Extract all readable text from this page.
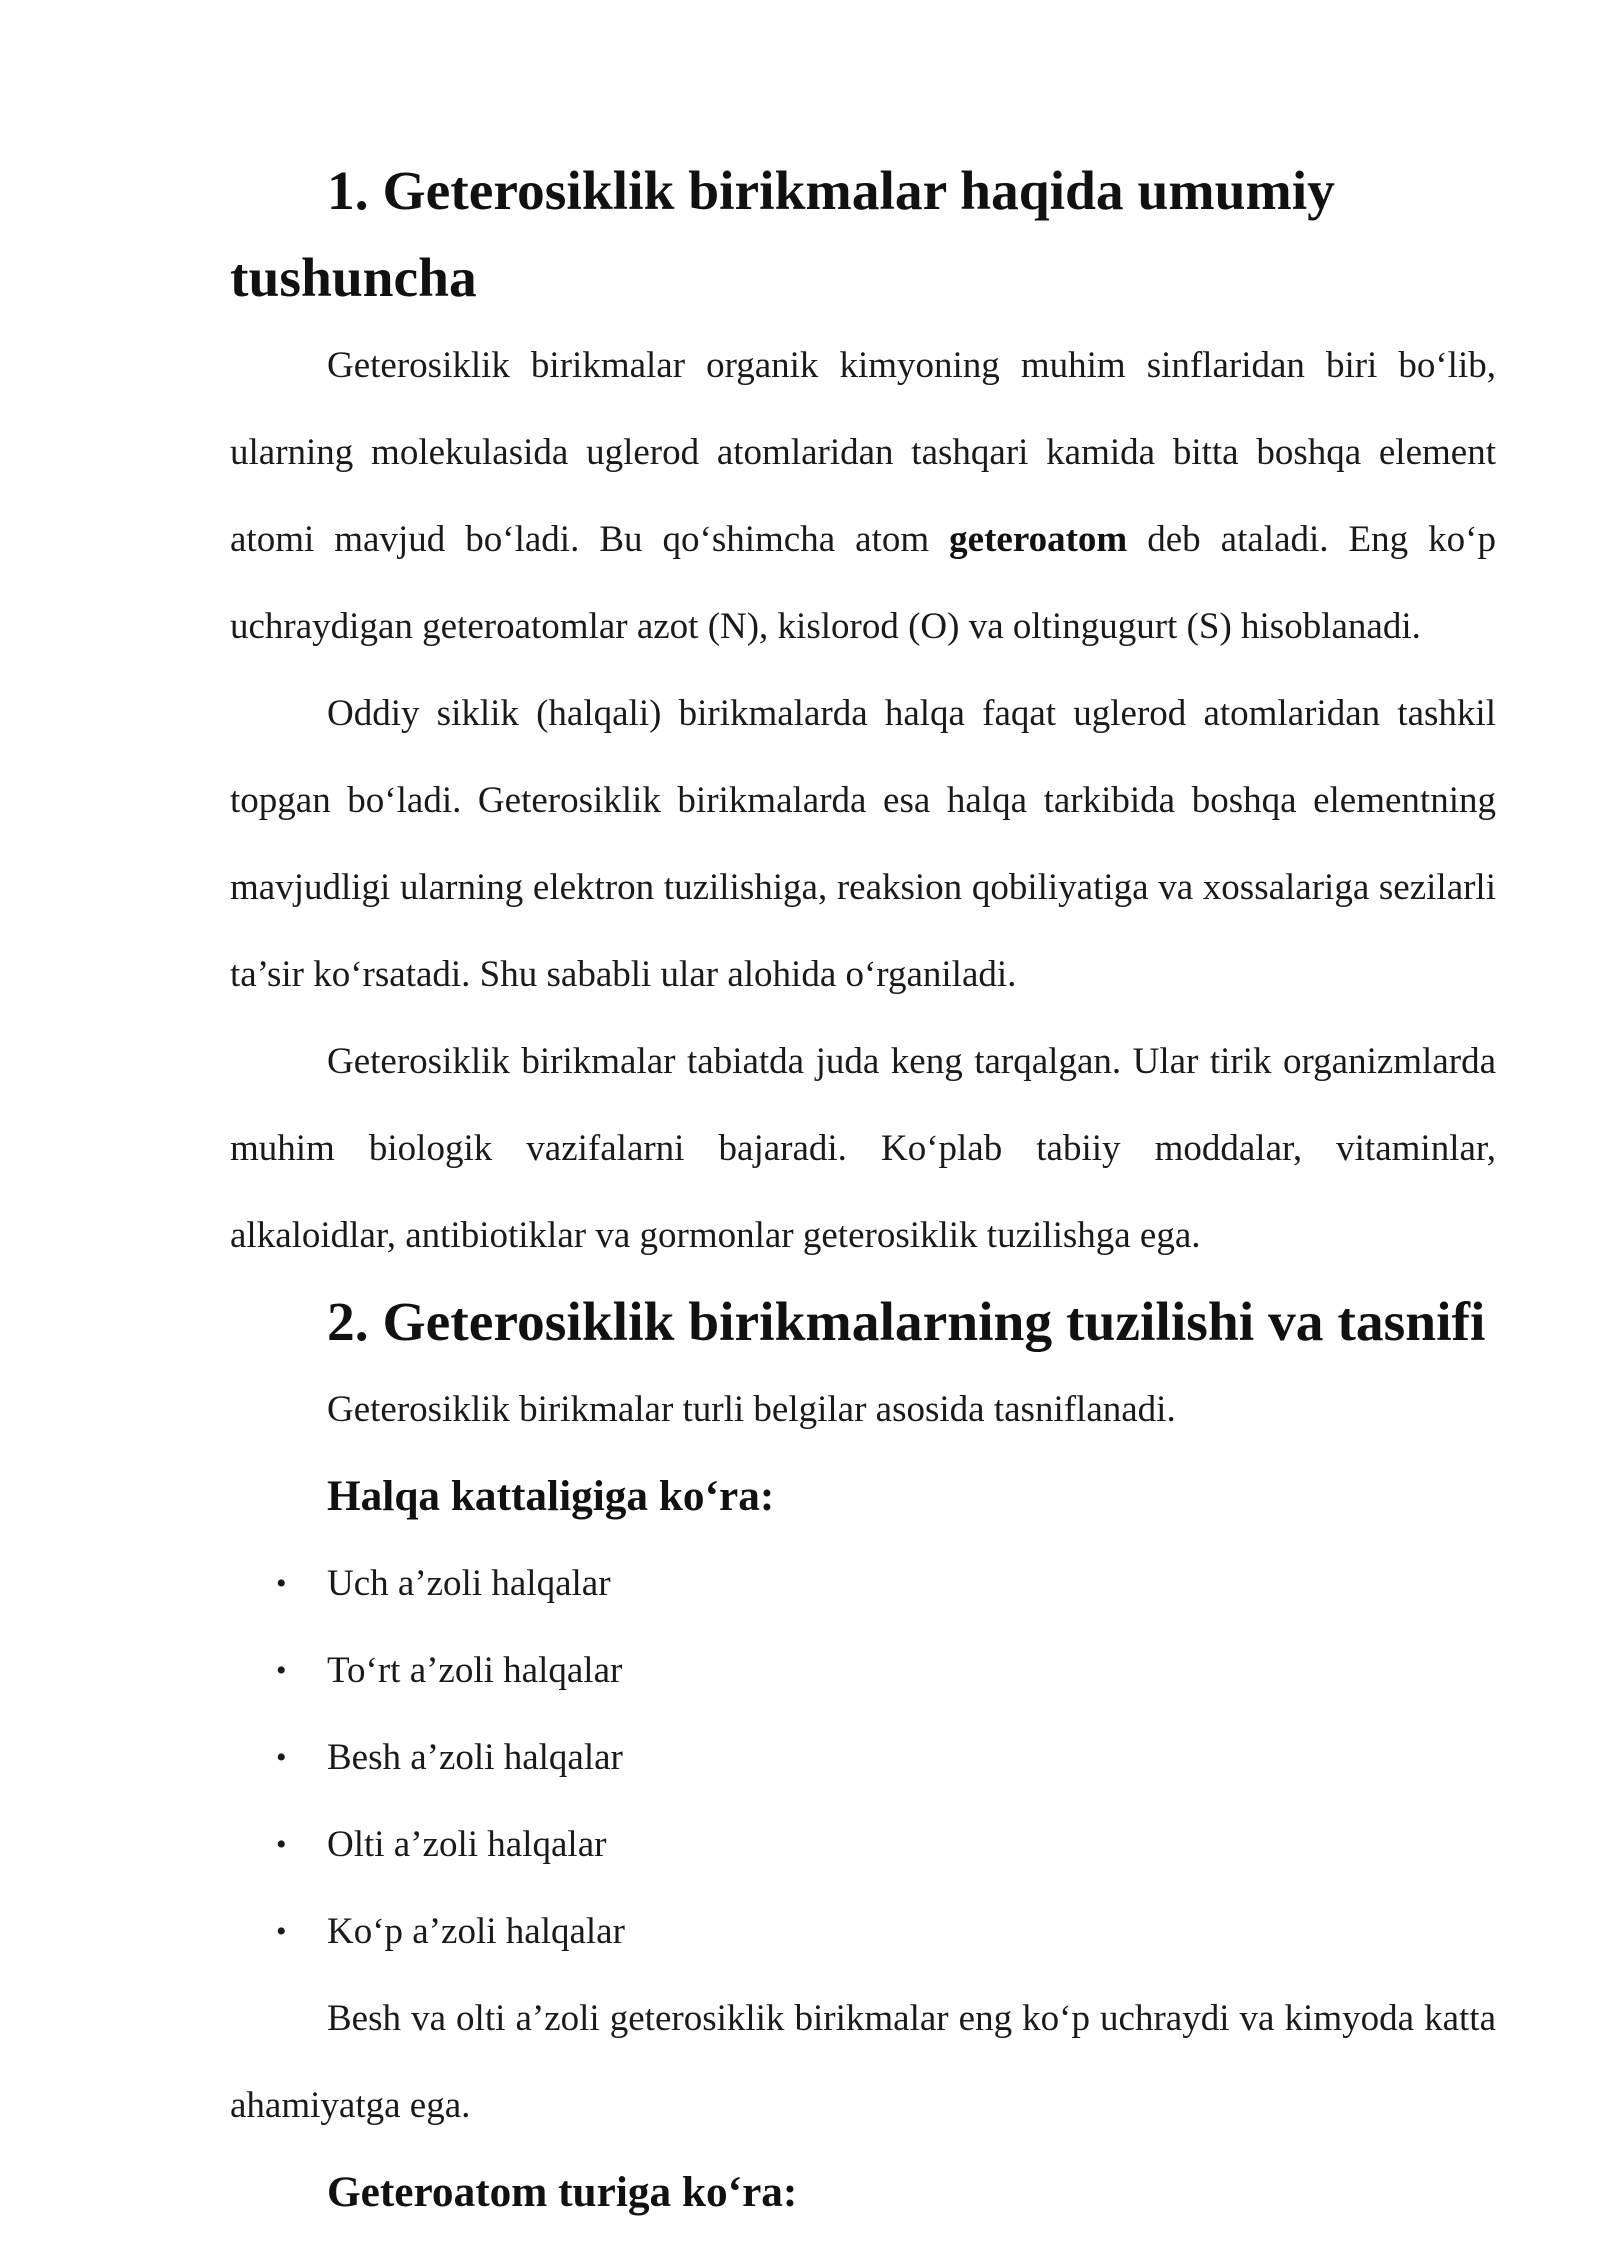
1. Geterosiklik birikmalar haqida umumiy tushuncha

Geterosiklik birikmalar organik kimyoning muhim sinflaridan biri bo‘lib, ularning molekulasida uglerod atomlaridan tashqari kamida bitta boshqa element atomi mavjud bo‘ladi. Bu qo‘shimcha atom geteroatom deb ataladi. Eng ko‘p uchraydigan geteroatomlar azot (N), kislorod (O) va oltingugurt (S) hisoblanadi.

Oddiy siklik (halqali) birikmalarda halqa faqat uglerod atomlaridan tashkil topgan bo‘ladi. Geterosiklik birikmalarda esa halqa tarkibida boshqa elementning mavjudligi ularning elektron tuzilishiga, reaksion qobiliyatiga va xossalariga sezilarli ta’sir ko‘rsatadi. Shu sababli ular alohida o‘rganiladi.

Geterosiklik birikmalar tabiatda juda keng tarqalgan. Ular tirik organizmlarda muhim biologik vazifalarni bajaradi. Ko‘plab tabiiy moddalar, vitaminlar, alkaloidlar, antibiotiklar va gormonlar geterosiklik tuzilishga ega.

2. Geterosiklik birikmalarning tuzilishi va tasnifi

Geterosiklik birikmalar turli belgilar asosida tasniflanadi.

Halqa kattaligiga ko‘ra:
• Uch a’zoli halqalar
• To‘rt a’zoli halqalar
• Besh a’zoli halqalar
• Olti a’zoli halqalar
• Ko‘p a’zoli halqalar

Besh va olti a’zoli geterosiklik birikmalar eng ko‘p uchraydi va kimyoda katta ahamiyatga ega.

Geteroatom turiga ko‘ra:
